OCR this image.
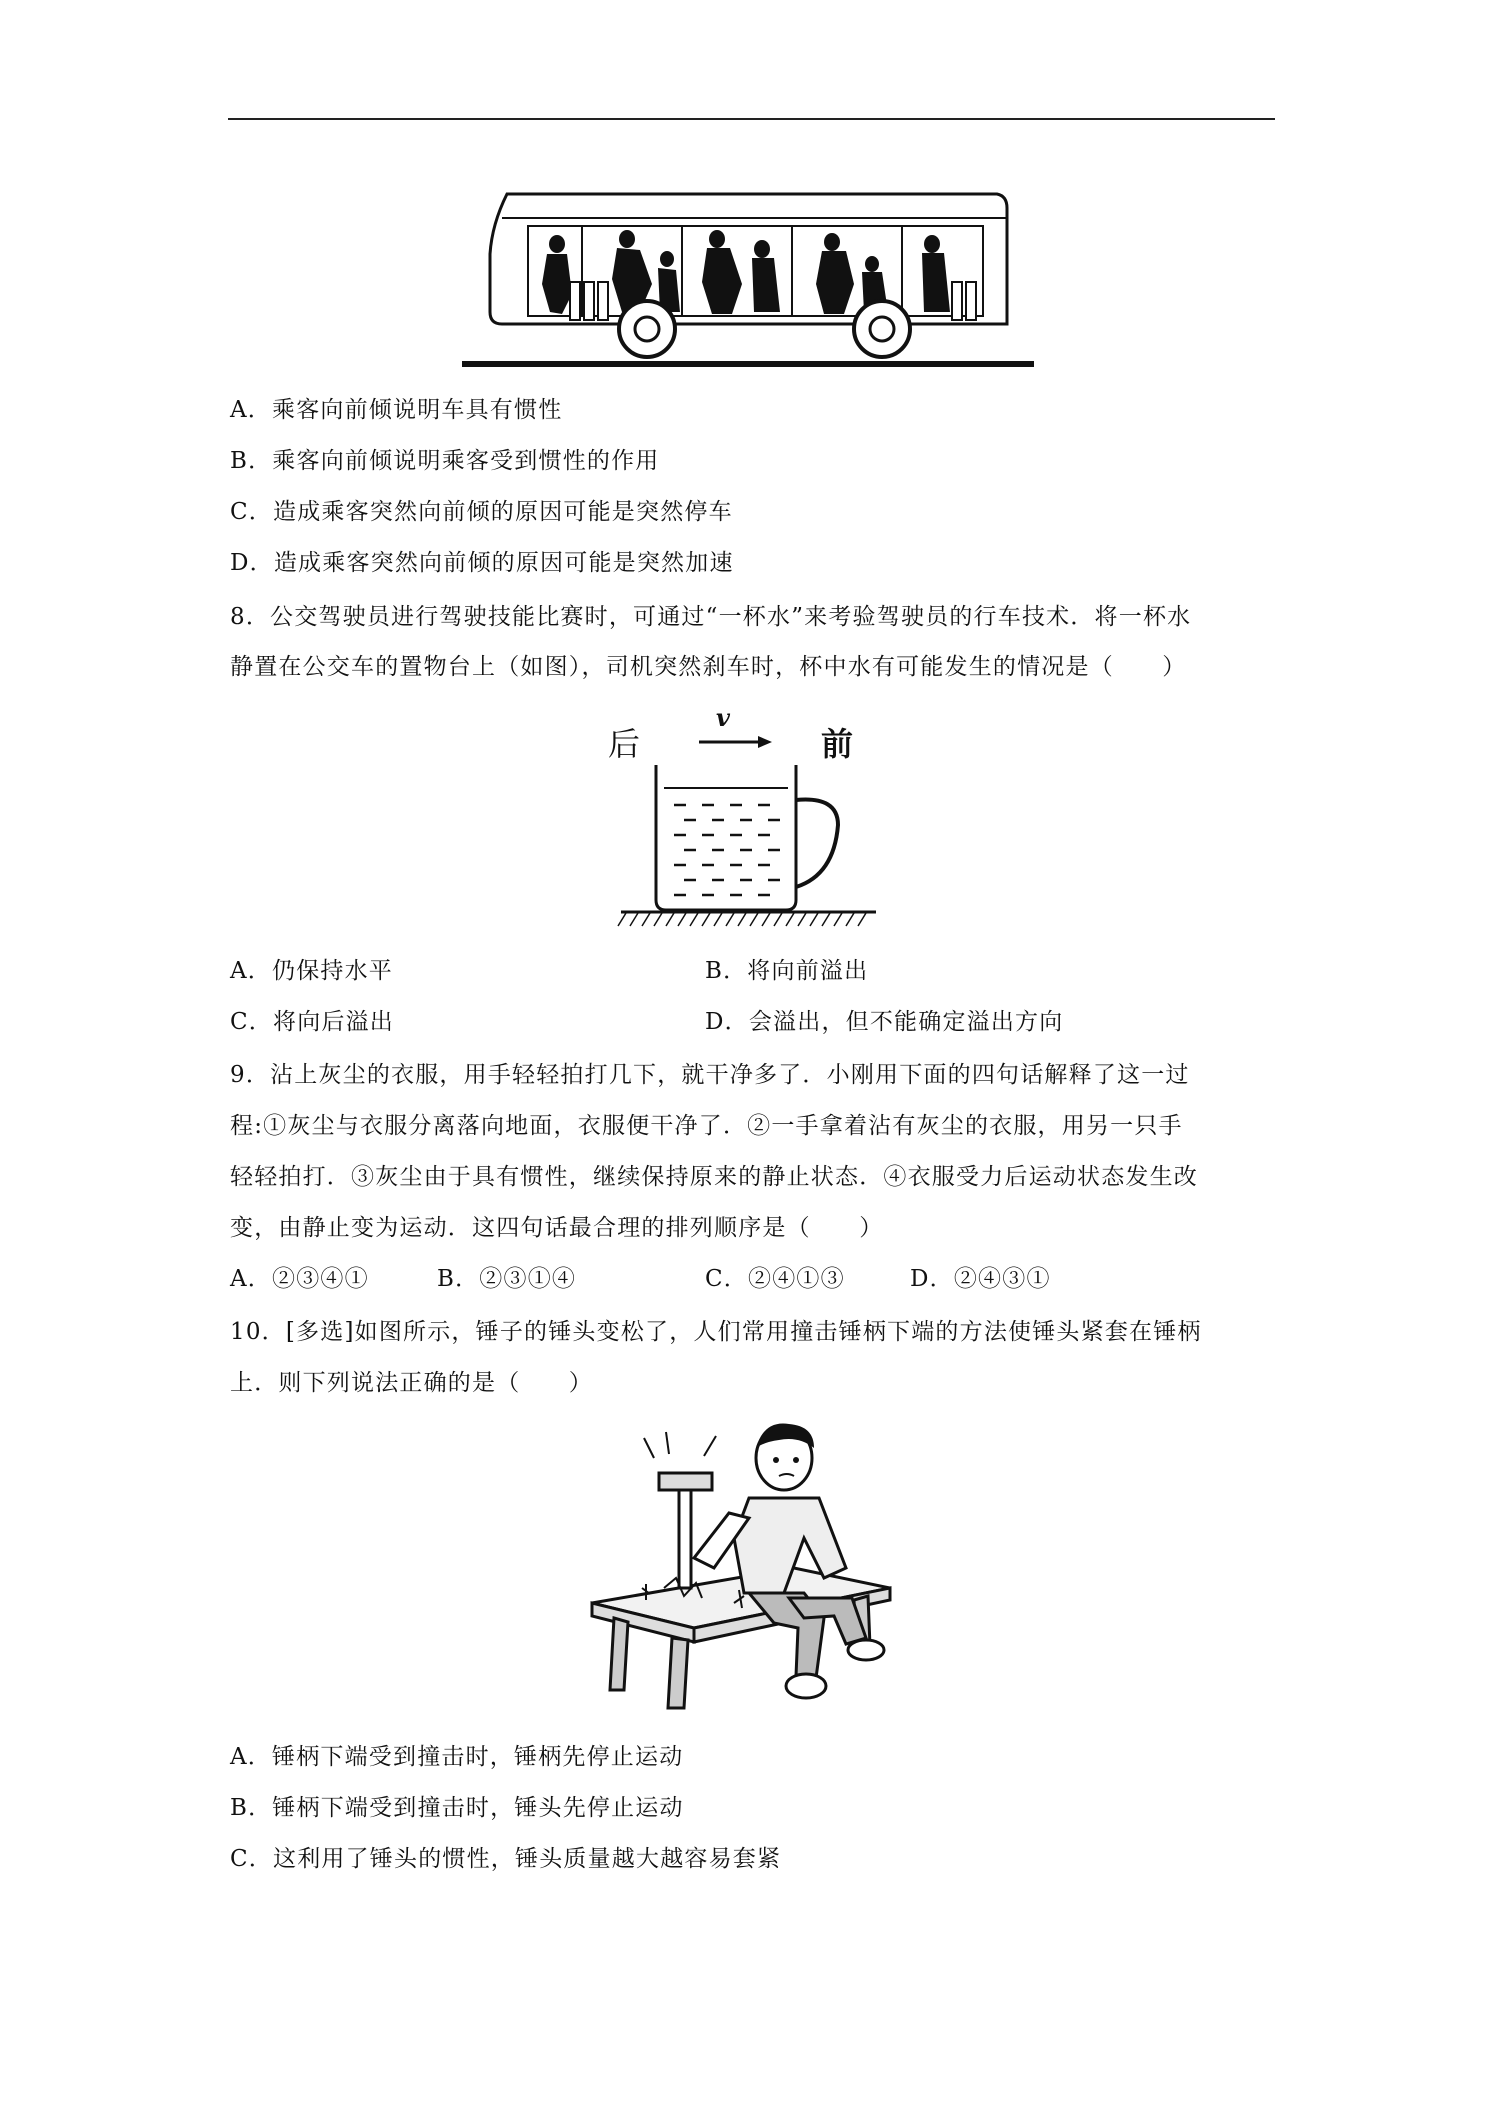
A．乘客向前倾说明车具有惯性
B．乘客向前倾说明乘客受到惯性的作用
C．造成乘客突然向前倾的原因可能是突然停车
D．造成乘客突然向前倾的原因可能是突然加速
8．公交驾驶员进行驾驶技能比赛时，可通过“一杯水”来考验驾驶员的行车技术．将一杯水
静置在公交车的置物台上（如图），司机突然刹车时，杯中水有可能发生的情况是（　　）
后	前
v
A．仍保持水平	B．将向前溢出
C．将向后溢出	D．会溢出，但不能确定溢出方向
9．沾上灰尘的衣服，用手轻轻拍打几下，就干净多了．小刚用下面的四句话解释了这一过
程:①灰尘与衣服分离落向地面，衣服便干净了．②一手拿着沾有灰尘的衣服，用另一只手
轻轻拍打．③灰尘由于具有惯性，继续保持原来的静止状态．④衣服受力后运动状态发生改
变，由静止变为运动．这四句话最合理的排列顺序是（　　）
A．②③④①	B．②③①④	C．②④①③	D．②④③①
10．[多选]如图所示，锤子的锤头变松了，人们常用撞击锤柄下端的方法使锤头紧套在锤柄
上．则下列说法正确的是（　　）
A．锤柄下端受到撞击时，锤柄先停止运动
B．锤柄下端受到撞击时，锤头先停止运动
C．这利用了锤头的惯性，锤头质量越大越容易套紧
